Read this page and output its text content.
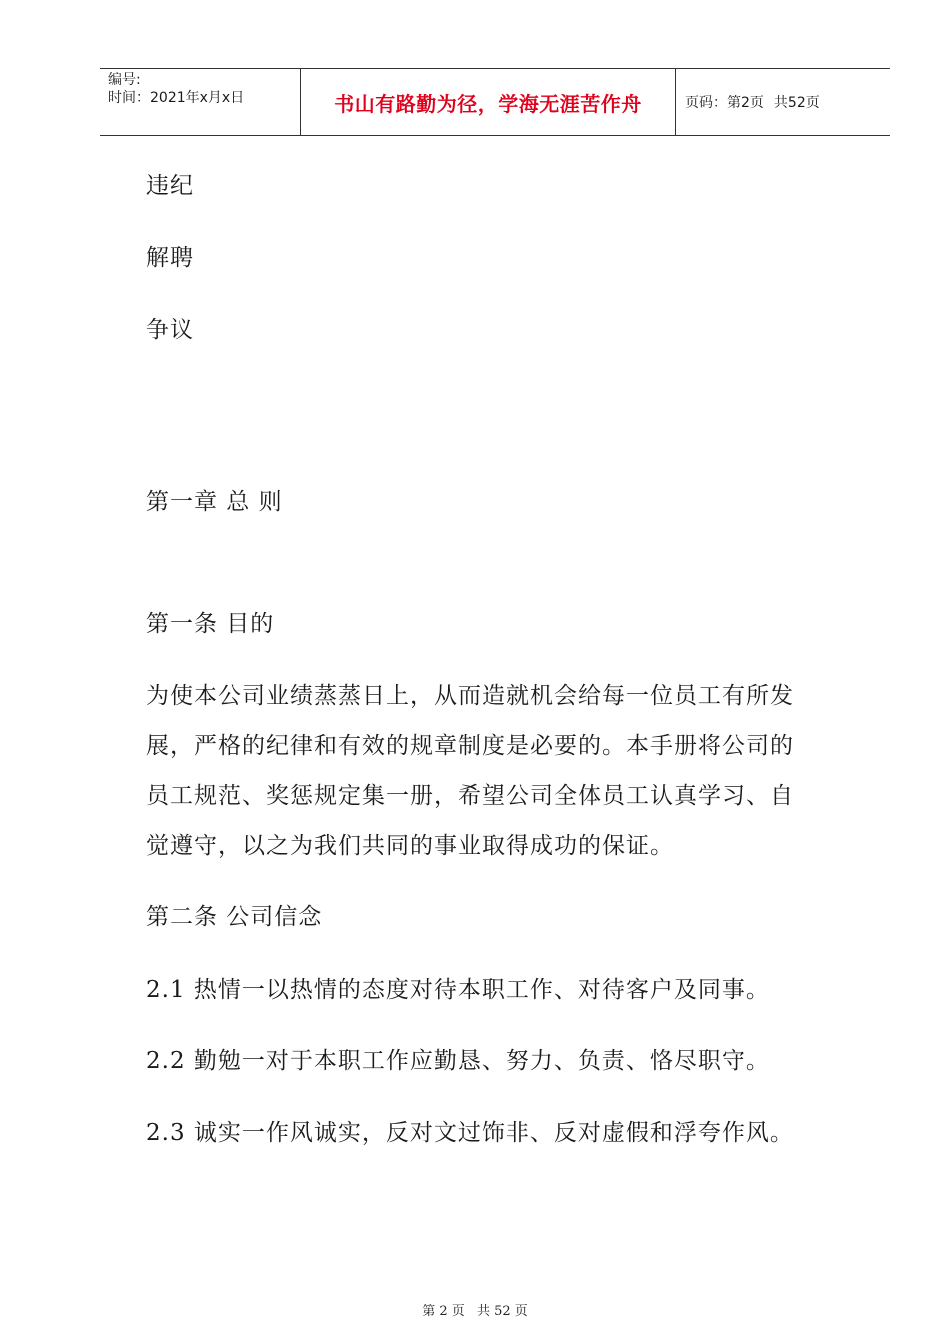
编号:
时间：2021年x月x日	书山有路勤为径，学海无涯苦作舟	页码：第2页 共52页
违纪
解聘
争议
第一章 总 则
第一条 目的
为使本公司业绩蒸蒸日上，从而造就机会给每一位员工有所发
展，严格的纪律和有效的规章制度是必要的。本手册将公司的
员工规范、奖惩规定集一册，希望公司全体员工认真学习、自
觉遵守，以之为我们共同的事业取得成功的保证。
第二条 公司信念
2.1 热情一以热情的态度对待本职工作、对待客户及同事。
2.2 勤勉一对于本职工作应勤恳、努力、负责、恪尽职守。
2.3 诚实一作风诚实，反对文过饰非、反对虚假和浮夸作风。
第 2 页 共 52 页
